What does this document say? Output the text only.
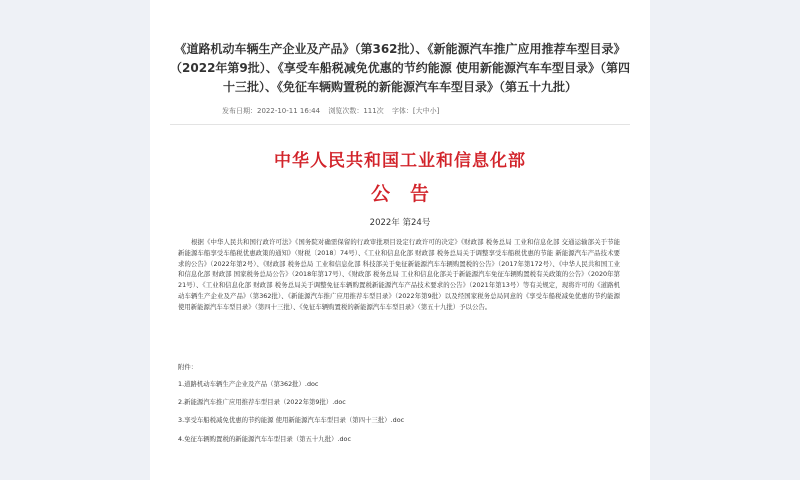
《道路机动车辆生产企业及产品》（第362批）、《新能源汽车推广应用推荐车型目录》
（2022年第9批）、《享受车船税减免优惠的节约能源 使用新能源汽车车型目录》（第四
十三批）、《免征车辆购置税的新能源汽车车型目录》（第五十九批）
发布日期：2022-10-11 16:44 浏览次数：111次 字体：[大中小]
中华人民共和国工业和信息化部
公告
2022年 第24号
根据《中华人民共和国行政许可法》《国务院对确需保留的行政审批项目设定行政许可的决定》《财政部 税务总局 工业和信息化部 交通运输部关于节能 新能源车船享受车船税优惠政策的通知》（财税〔2018〕74号）、《工业和信息化部 财政部 税务总局关于调整享受车船税优惠的节能 新能源汽车产品技术要求的公告》（2022年第2号）、《财政部 税务总局 工业和信息化部 科技部关于免征新能源汽车车辆购置税的公告》（2017年第172号）、《中华人民共和国工业和信息化部 财政部 国家税务总局公告》（2018年第17号）、《财政部 税务总局 工业和信息化部关于新能源汽车免征车辆购置税有关政策的公告》（2020年第21号）、《工业和信息化部 财政部 税务总局关于调整免征车辆购置税新能源汽车产品技术要求的公告》（2021年第13号）等有关规定，现将许可的《道路机动车辆生产企业及产品》（第362批）、《新能源汽车推广应用推荐车型目录》（2022年第9批）以及经国家税务总局同意的《享受车船税减免优惠的节约能源 使用新能源汽车车型目录》（第四十三批）、《免征车辆购置税的新能源汽车车型目录》（第五十九批）予以公告。
附件：
1.道路机动车辆生产企业及产品（第362批）.doc
2.新能源汽车推广应用推荐车型目录（2022年第9批）.doc
3.享受车船税减免优惠的节约能源 使用新能源汽车车型目录（第四十三批）.doc
4.免征车辆购置税的新能源汽车车型目录（第五十九批）.doc
